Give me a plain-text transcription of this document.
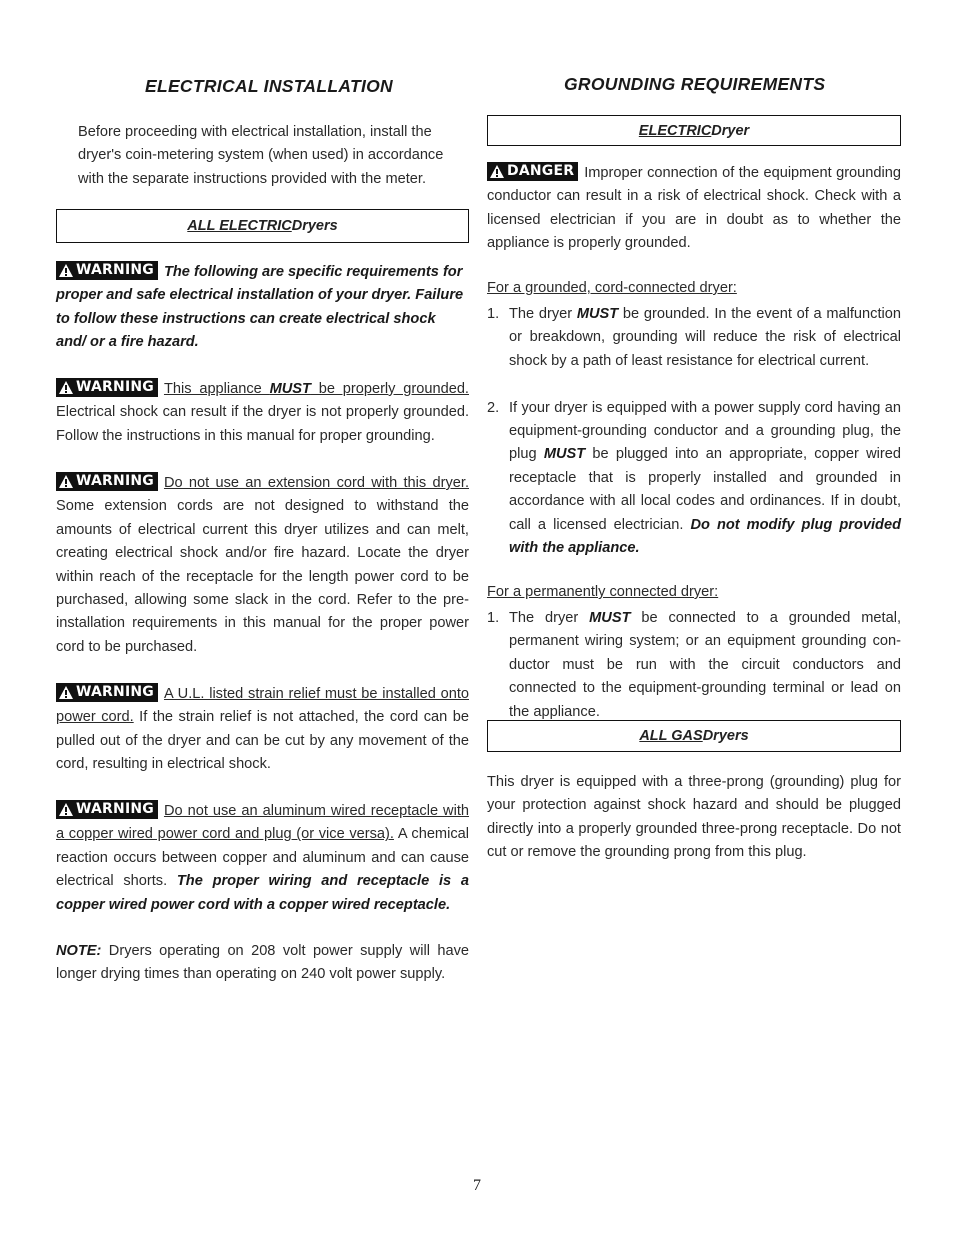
ELECTRICAL INSTALLATION

Before proceeding with electrical installation, install the dryer's coin-metering system (when used) in accordance with the separate instructions provided with the meter.

ALL ELECTRIC Dryers

WARNING The following are specific requirements for proper and safe electrical installation of your dryer. Failure to follow these instructions can create electrical shock and/ or a fire hazard.

WARNING This appliance MUST be properly grounded. Electrical shock can result if the dryer is not properly grounded. Follow the instructions in this manual for proper grounding.

WARNING Do not use an extension cord with this dryer. Some extension cords are not designed to withstand the amounts of electrical current this dryer utilizes and can melt, creating electrical shock and/or fire hazard. Locate the dryer within reach of the receptacle for the length power cord to be purchased, allowing some slack in the cord. Refer to the pre-installation requirements in this manual for the proper power cord to be purchased.

WARNING A U.L. listed strain relief must be installed onto power cord. If the strain relief is not attached, the cord can be pulled out of the dryer and can be cut by any movement of the cord, resulting in electrical shock.

WARNING Do not use an aluminum wired receptacle with a copper wired power cord and plug (or vice versa). A chemical reaction occurs between copper and aluminum and can cause electrical shorts. The proper wiring and receptacle is a copper wired power cord with a copper wired receptacle.

NOTE: Dryers operating on 208 volt power supply will have longer drying times than operating on 240 volt power supply.

GROUNDING REQUIREMENTS
ELECTRIC Dryer

DANGER Improper connection of the equipment grounding conductor can result in a risk of electrical shock. Check with a licensed electrician if you are in doubt as to whether the appliance is properly grounded.

For a grounded, cord-connected dryer:

1. The dryer MUST be grounded. In the event of a malfunction or breakdown, grounding will reduce the risk of electrical shock by a path of least resistance for electrical current.
2. If your dryer is equipped with a power supply cord having an equipment-grounding conductor and a grounding plug, the plug MUST be plugged into an appropriate, copper wired receptacle that is properly installed and grounded in accordance with all local codes and ordinances. If in doubt, call a licensed electrician. Do not modify plug provided with the appliance.

For a permanently connected dryer:

1. The dryer MUST be connected to a grounded metal, permanent wiring system; or an equipment grounding con-ductor must be run with the circuit conductors and connected to the equipment-grounding terminal or lead on the appliance.
ALL GAS Dryers

This dryer is equipped with a three-prong (grounding) plug for your protection against shock hazard and should be plugged directly into a properly grounded three-prong receptacle. Do not cut or remove the grounding prong from this plug.

7
